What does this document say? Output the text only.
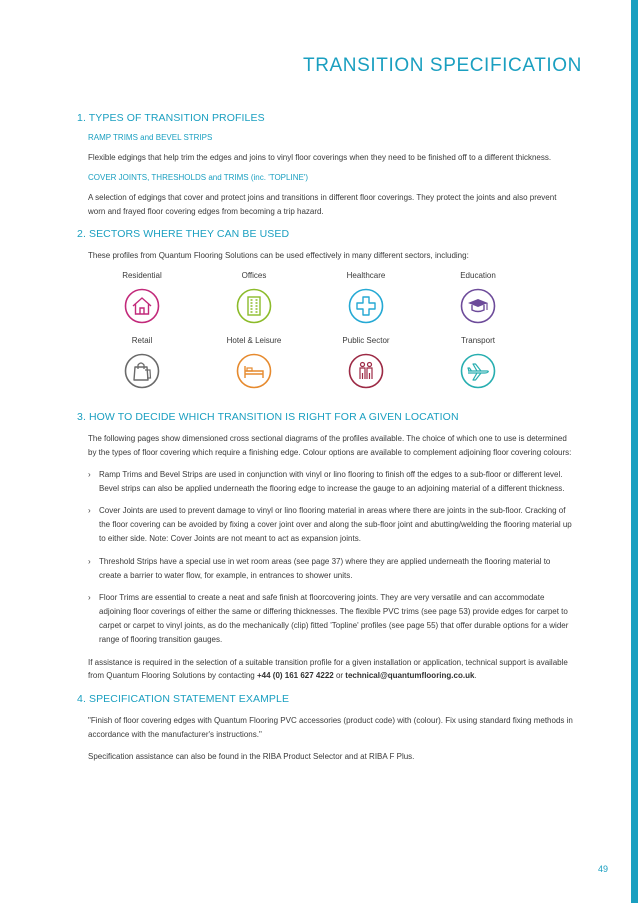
TRANSITION SPECIFICATION
1. TYPES OF TRANSITION PROFILES
RAMP TRIMS and BEVEL STRIPS

Flexible edgings that help trim the edges and joins to vinyl floor coverings when they need to be finished off to a different thickness.

COVER JOINTS, THRESHOLDS and TRIMS (inc. 'TOPLINE')

A selection of edgings that cover and protect joins and transitions in different floor coverings. They protect the joints and also prevent worn and frayed floor covering edges from becoming a trip hazard.

2. SECTORS WHERE THEY CAN BE USED

These profiles from Quantum Flooring Solutions can be used effectively in many different sectors, including:

Residential	Offices	Healthcare	Education
Retail	Hotel & Leisure	Public Sector	Transport
3. HOW TO DECIDE WHICH TRANSITION IS RIGHT FOR A GIVEN LOCATION

The following pages show dimensioned cross sectional diagrams of the profiles available. The choice of which one to use is determined by the types of floor covering which require a finishing edge. Colour options are available to complement adjoining floor covering colours:

› Ramp Trims and Bevel Strips are used in conjunction with vinyl or lino flooring to finish off the edges to a sub-floor or different level. Bevel strips can also be applied underneath the flooring edge to increase the gauge to an adjoining material of a different thickness.
› Cover Joints are used to prevent damage to vinyl or lino flooring material in areas where there are joints in the sub-floor. Cracking of the floor covering can be avoided by fixing a cover joint over and along the sub-floor joint and abutting/welding the flooring material up to either side. Note: Cover Joints are not meant to act as expansion joints.
› Threshold Strips have a special use in wet room areas (see page 37) where they are applied underneath the flooring material to create a barrier to water flow, for example, in entrances to shower units.
› Floor Trims are essential to create a neat and safe finish at floorcovering joints. They are very versatile and can accommodate adjoining floor coverings of either the same or differing thicknesses. The flexible PVC trims (see page 53) provide edges for carpet to carpet or carpet to vinyl joints, as do the mechanically (clip) fitted 'Topline' profiles (see page 55) that offer durable options for a wider range of flooring transition gauges.

If assistance is required in the selection of a suitable transition profile for a given installation or application, technical support is available from Quantum Flooring Solutions by contacting +44 (0) 161 627 4222 or technical@quantumflooring.co.uk.

4. SPECIFICATION STATEMENT EXAMPLE

"Finish of floor covering edges with Quantum Flooring PVC accessories (product code) with (colour). Fix using standard fixing methods in accordance with the manufacturer's instructions."

Specification assistance can also be found in the RIBA Product Selector and at RIBA F Plus.

49
